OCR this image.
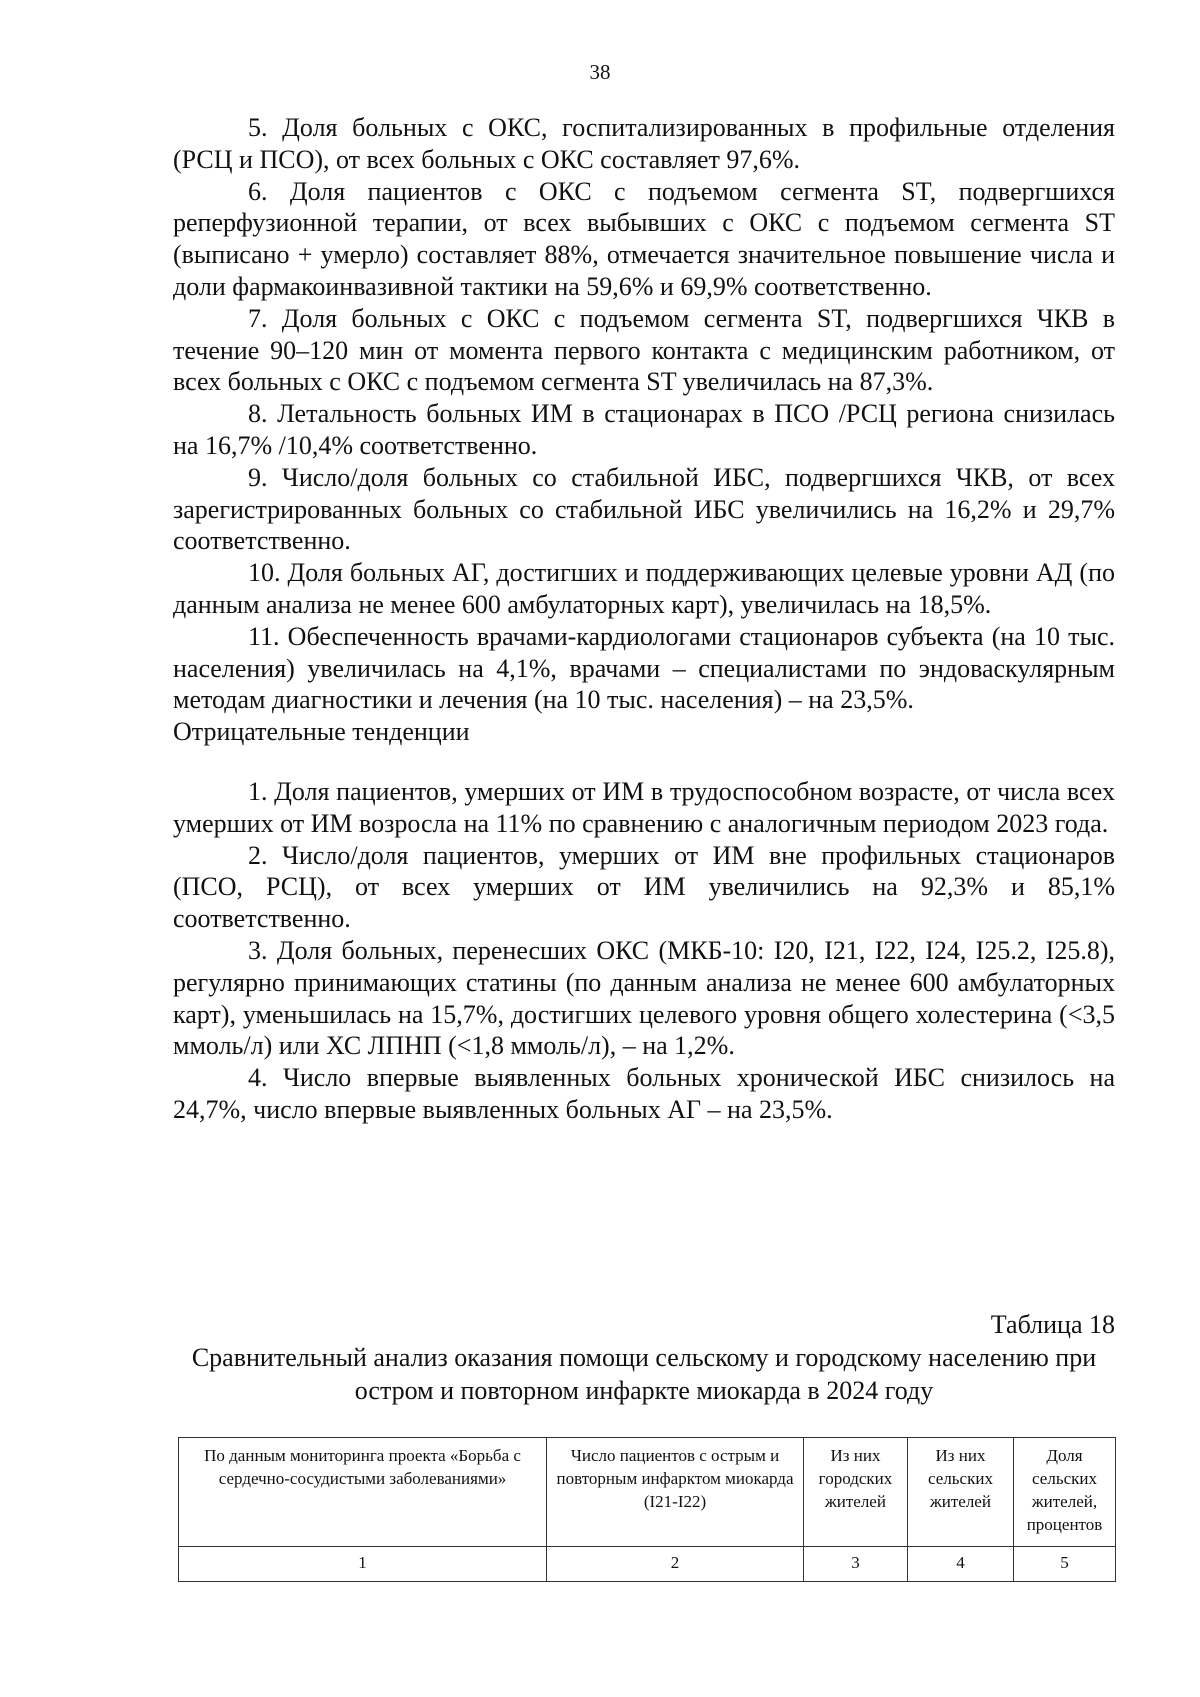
38

5. Доля больных с ОКС, госпитализированных в профильные отделения (РСЦ и ПСО), от всех больных с ОКС составляет 97,6%.

6. Доля пациентов с ОКС с подъемом сегмента ST, подвергшихся реперфузионной терапии, от всех выбывших с ОКС с подъемом сегмента ST (выписано + умерло) составляет 88%, отмечается значительное повышение числа и доли фармакоинвазивной тактики на 59,6% и 69,9% соответственно.

7. Доля больных с ОКС с подъемом сегмента ST, подвергшихся ЧКВ в течение 90–120 мин от момента первого контакта с медицинским работником, от всех больных с ОКС с подъемом сегмента ST увеличилась на 87,3%.

8. Летальность больных ИМ в стационарах в ПСО /РСЦ региона снизилась на 16,7% /10,4% соответственно.

9. Число/доля больных со стабильной ИБС, подвергшихся ЧКВ, от всех зарегистрированных больных со стабильной ИБС увеличились на 16,2% и 29,7% соответственно.

10. Доля больных АГ, достигших и поддерживающих целевые уровни АД (по данным анализа не менее 600 амбулаторных карт), увеличилась на 18,5%.

11. Обеспеченность врачами-кардиологами стационаров субъекта (на 10 тыс. населения) увеличилась на 4,1%, врачами – специалистами по эндоваскулярным методам диагностики и лечения (на 10 тыс. населения) – на 23,5%.

Отрицательные тенденции

1. Доля пациентов, умерших от ИМ в трудоспособном возрасте, от числа всех умерших от ИМ возросла на 11% по сравнению с аналогичным периодом 2023 года.

2. Число/доля пациентов, умерших от ИМ вне профильных стационаров (ПСО, РСЦ), от всех умерших от ИМ увеличились на 92,3% и 85,1% соответственно.

3. Доля больных, перенесших ОКС (МКБ-10: I20, I21, I22, I24, I25.2, I25.8), регулярно принимающих статины (по данным анализа не менее 600 амбулаторных карт), уменьшилась на 15,7%, достигших целевого уровня общего холестерина (<3,5 ммоль/л) или ХС ЛПНП (<1,8 ммоль/л), – на 1,2%.

4. Число впервые выявленных больных хронической ИБС снизилось на 24,7%, число впервые выявленных больных АГ – на 23,5%.

Таблица 18

Сравнительный анализ оказания помощи сельскому и городскому населению при остром и повторном инфаркте миокарда в 2024 году

По данным мониторинга проекта «Борьба с сердечно-сосудистыми заболеваниями»	Число пациентов с острым и повторным инфарктом миокарда (I21-I22)	Из них городских жителей	Из них сельских жителей	Доля сельских жителей, процентов
1	2	3	4	5
